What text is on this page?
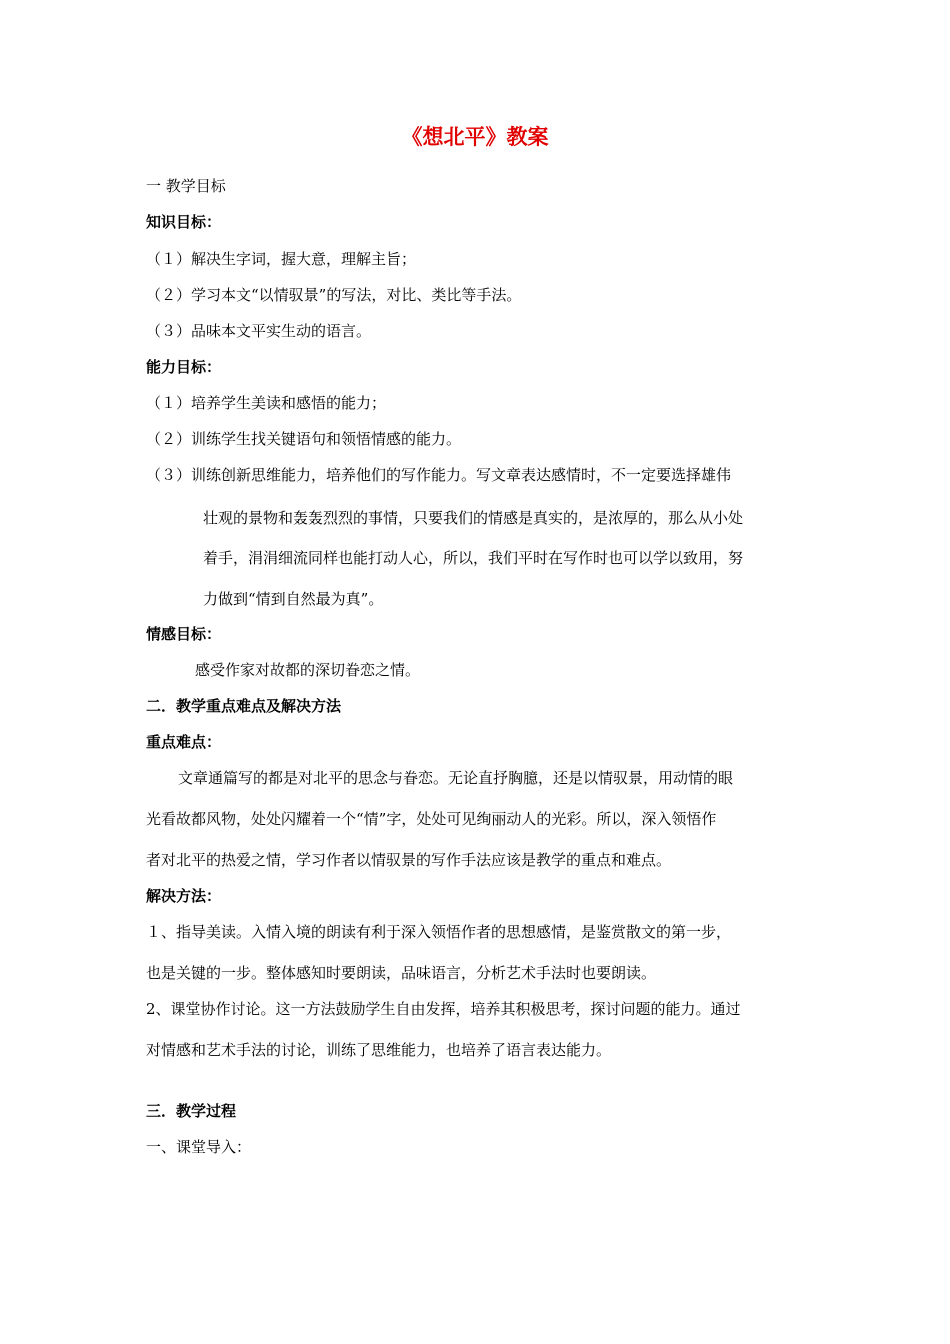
《想北平》教案
一 教学目标
知识目标：
（１）解决生字词，握大意，理解主旨；
（２）学习本文“以情驭景”的写法，对比、类比等手法。
（３）品味本文平实生动的语言。
能力目标：
（１）培养学生美读和感悟的能力；
（２）训练学生找关键语句和领悟情感的能力。
（３）训练创新思维能力，培养他们的写作能力。写文章表达感情时，不一定要选择雄伟
壮观的景物和轰轰烈烈的事情，只要我们的情感是真实的，是浓厚的，那么从小处
着手，涓涓细流同样也能打动人心，所以，我们平时在写作时也可以学以致用，努
力做到“情到自然最为真”。
情感目标：
感受作家对故都的深切眷恋之情。
二．教学重点难点及解决方法
重点难点：
文章通篇写的都是对北平的思念与眷恋。无论直抒胸臆，还是以情驭景，用动情的眼
光看故都风物，处处闪耀着一个“情”字，处处可见绚丽动人的光彩。所以，深入领悟作
者对北平的热爱之情，学习作者以情驭景的写作手法应该是教学的重点和难点。
解决方法：
１、指导美读。入情入境的朗读有利于深入领悟作者的思想感情，是鉴赏散文的第一步，
也是关键的一步。整体感知时要朗读，品味语言，分析艺术手法时也要朗读。
2、课堂协作讨论。这一方法鼓励学生自由发挥，培养其积极思考，探讨问题的能力。通过
对情感和艺术手法的讨论，训练了思维能力，也培养了语言表达能力。
三．教学过程
一、课堂导入：
